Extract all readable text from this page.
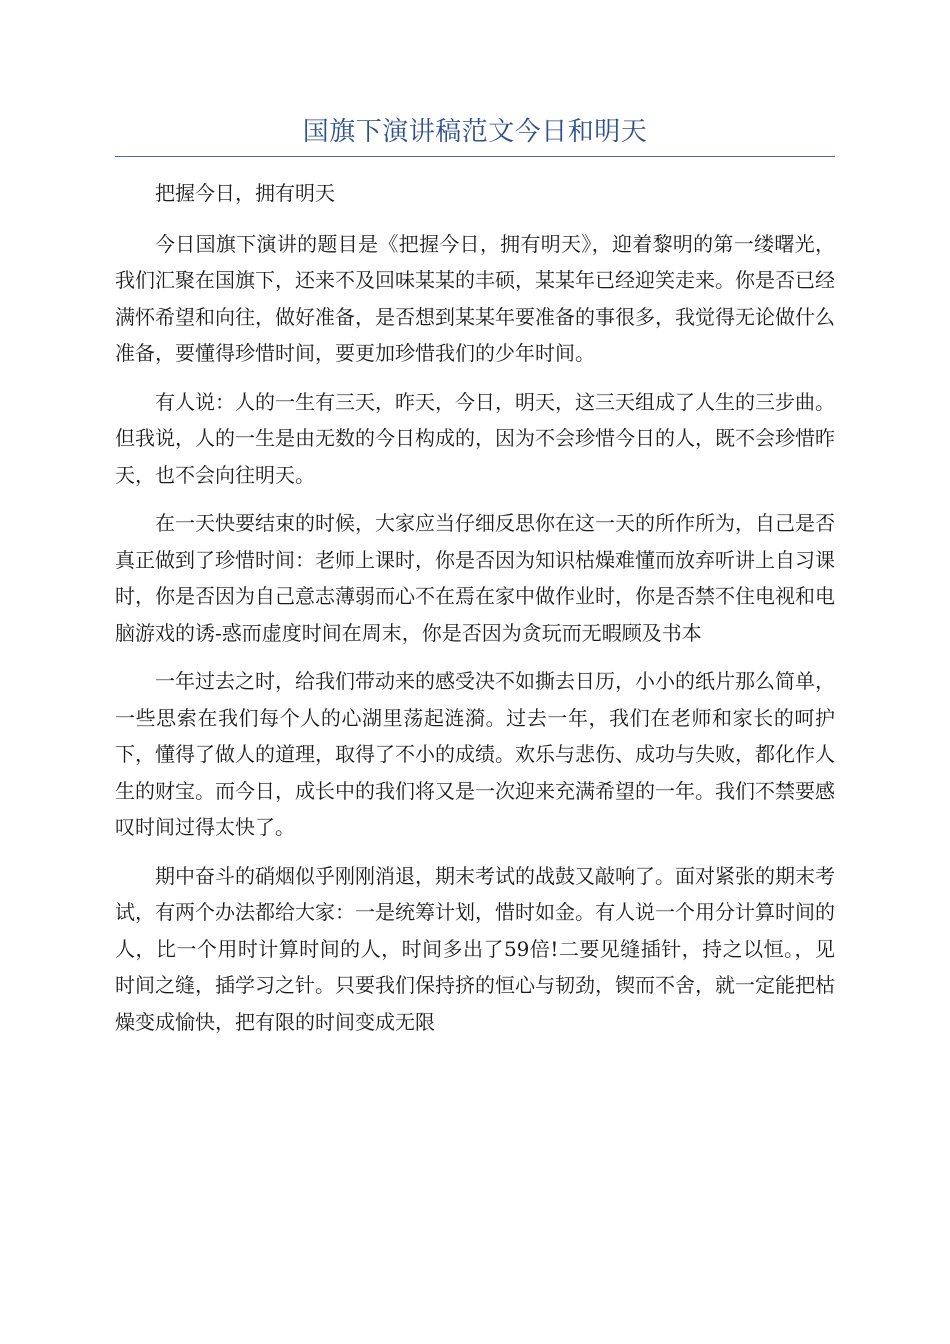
国旗下演讲稿范文今日和明天

把握今日，拥有明天

今日国旗下演讲的题目是《把握今日，拥有明天》，迎着黎明的第一缕曙光，我们汇聚在国旗下，还来不及回味某某的丰硕，某某年已经迎笑走来。你是否已经满怀希望和向往，做好准备，是否想到某某年要准备的事很多，我觉得无论做什么准备，要懂得珍惜时间，要更加珍惜我们的少年时间。

有人说：人的一生有三天，昨天，今日，明天，这三天组成了人生的三步曲。但我说，人的一生是由无数的今日构成的，因为不会珍惜今日的人，既不会珍惜昨天，也不会向往明天。

在一天快要结束的时候，大家应当仔细反思你在这一天的所作所为，自己是否真正做到了珍惜时间：老师上课时，你是否因为知识枯燥难懂而放弃听讲上自习课时，你是否因为自己意志薄弱而心不在焉在家中做作业时，你是否禁不住电视和电脑游戏的诱-惑而虚度时间在周末，你是否因为贪玩而无暇顾及书本

一年过去之时，给我们带动来的感受决不如撕去日历，小小的纸片那么简单，一些思索在我们每个人的心湖里荡起涟漪。过去一年，我们在老师和家长的呵护下，懂得了做人的道理，取得了不小的成绩。欢乐与悲伤、成功与失败，都化作人生的财宝。而今日，成长中的我们将又是一次迎来充满希望的一年。我们不禁要感叹时间过得太快了。

期中奋斗的硝烟似乎刚刚消退，期末考试的战鼓又敲响了。面对紧张的期末考试，有两个办法都给大家：一是统筹计划，惜时如金。有人说一个用分计算时间的人，比一个用时计算时间的人，时间多出了59倍!二要见缝插针，持之以恒。，见时间之缝，插学习之针。只要我们保持挤的恒心与韧劲，锲而不舍，就一定能把枯燥变成愉快，把有限的时间变成无限
